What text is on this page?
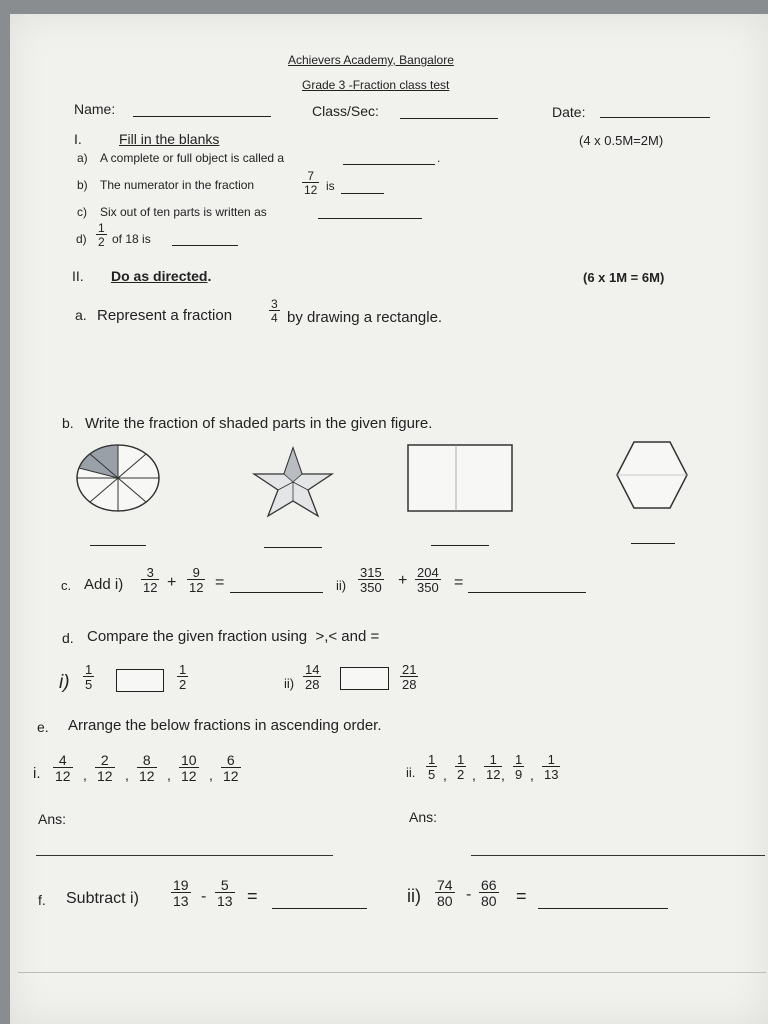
Achievers Academy, Bangalore
Grade 3 -Fraction class test
Name:	Class/Sec:	Date:
I.	Fill in the blanks	(4 x 0.5M=2M)
a) A complete or full object is called a	.
b) The numerator in the fraction	$\frac{7}{12}$ is
c) Six out of ten parts is written as
$d) \frac{1}{2}$ of 18 is
II. Do as directed.	(6 x 1M = 6M)
a. Represent a fraction	$\frac{3}{4}$ by drawing a rectangle.
b. Write the fraction of shaded parts in the given figure.
c. Add $i) \frac{3}{12} + \frac{9}{12}$ =	$ii) \frac{315}{350} + \frac{204}{350}$ =
d. Compare the given fraction using  >,< and =
$i) \frac{1}{5}$	$\frac{1}{2}$	$ii) \frac{14}{28}$	$\frac{21}{28}$
e. Arrange the below fractions in ascending order.
i. $\frac{4}{12}$ , $\frac{2}{12}$ , $\frac{8}{12}$ , $\frac{10}{12}$ , $\frac{6}{12}$	ii. $\frac{1}{5}$ , $\frac{1}{2}$ , $\frac{1}{12}$
, $\frac{1}{9}$ , $\frac{1}{13}$
Ans:	Ans:
f. Subtract $i) \frac{19}{13} - \frac{5}{13}$ =	$ii) \frac{74}{80} - \frac{66}{80}$ =
